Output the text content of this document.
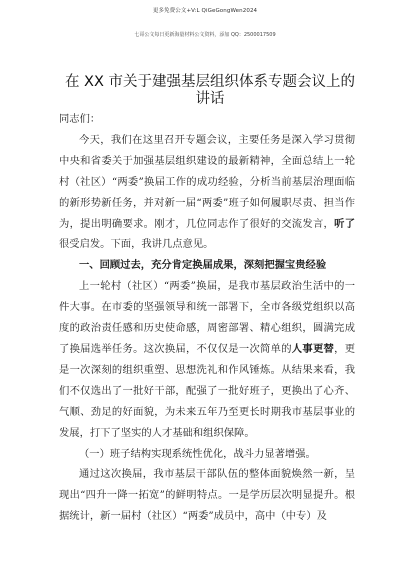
更多免费公文+V:L QiGeGongWen2024
七哥公文每日更新海量材料公文资料，添加 QQ：2500017509
在 XX 市关于建强基层组织体系专题会议上的
讲话

同志们：

今天，我们在这里召开专题会议，主要任务是深入学习贯彻中央和省委关于加强基层组织建设的最新精神，全面总结上一轮村（社区）“两委”换届工作的成功经验，分析当前基层治理面临的新形势新任务，并对新一届“两委”班子如何履职尽责、担当作为，提出明确要求。刚才，几位同志作了很好的交流发言，听了很受启发。下面，我讲几点意见。

一、回顾过去，充分肯定换届成果，深刻把握宝贵经验

上一轮村（社区）“两委”换届，是我市基层政治生活中的一件大事。在市委的坚强领导和统一部署下，全市各级党组织以高度的政治责任感和历史使命感，周密部署、精心组织，圆满完成了换届选举任务。这次换届，不仅仅是一次简单的人事更替，更是一次深刻的组织重塑、思想洗礼和作风锤炼。从结果来看，我们不仅选出了一批好干部，配强了一批好班子，更换出了心齐、气顺、劲足的好面貌，为未来五年乃至更长时期我市基层事业的发展，打下了坚实的人才基础和组织保障。

（一）班子结构实现系统性优化，战斗力显著增强。

通过这次换届，我市基层干部队伍的整体面貌焕然一新，呈现出“四升一降一拓宽”的鲜明特点。一是学历层次明显提升。根据统计，新一届村（社区）“两委”成员中，高中（中专）及
